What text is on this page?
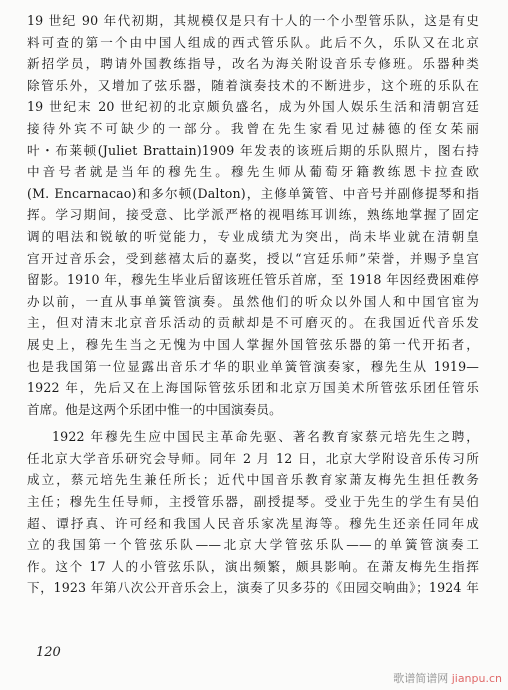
19 世纪 90 年代初期，其规模仅是只有十人的一个小型管乐队，这是有史
料可查的第一个由中国人组成的西式管乐队。此后不久，乐队又在北京
新招学员，聘请外国教练指导，改名为海关附设音乐专修班。乐器种类
除管乐外，又增加了弦乐器，随着演奏技术的不断进步，这个班的乐队在
19 世纪末 20 世纪初的北京颇负盛名，成为外国人娱乐生活和清朝宫廷
接待外宾不可缺少的一部分。我曾在先生家看见过赫德的侄女茱丽
叶・布莱顿(Juliet Brattain)1909 年发表的该班后期的乐队照片，图右持
中音号者就是当年的穆先生。穆先生师从葡萄牙籍教练恩卡拉查欧
(M. Encarnacao)和多尔顿(Dalton)，主修单簧管、中音号并副修提琴和指
挥。学习期间，接受意、比学派严格的视唱练耳训练，熟练地掌握了固定
调的唱法和锐敏的听觉能力，专业成绩尤为突出，尚未毕业就在清朝皇
宫开过音乐会，受到慈禧太后的嘉奖，授以“宫廷乐师”荣誉，并赐予皇宫
留影。1910 年，穆先生毕业后留该班任管乐首席，至 1918 年因经费困难停
办以前，一直从事单簧管演奏。虽然他们的听众以外国人和中国官宦为
主，但对清末北京音乐活动的贡献却是不可磨灭的。在我国近代音乐发
展史上，穆先生当之无愧为中国人掌握外国管弦乐器的第一代开拓者，
也是我国第一位显露出音乐才华的职业单簧管演奏家，穆先生从 1919—
1922 年，先后又在上海国际管弦乐团和北京万国美术所管弦乐团任管乐
首席。他是这两个乐团中惟一的中国演奏员。
1922 年穆先生应中国民主革命先驱、著名教育家蔡元培先生之聘，
任北京大学音乐研究会导师。同年 2 月 12 日，北京大学附设音乐传习所
成立，蔡元培先生兼任所长；近代中国音乐教育家萧友梅先生担任教务
主任；穆先生任导师，主授管乐器，副授提琴。受业于先生的学生有吴伯
超、谭抒真、许可经和我国人民音乐家冼星海等。穆先生还亲任同年成
立的我国第一个管弦乐队——北京大学管弦乐队——的单簧管演奏工
作。这个 17 人的小管弦乐队，演出频繁，颇具影响。在萧友梅先生指挥
下，1923 年第八次公开音乐会上，演奏了贝多芬的《田园交响曲》；1924 年
120
歌谱简谱网 jianpu.cn
